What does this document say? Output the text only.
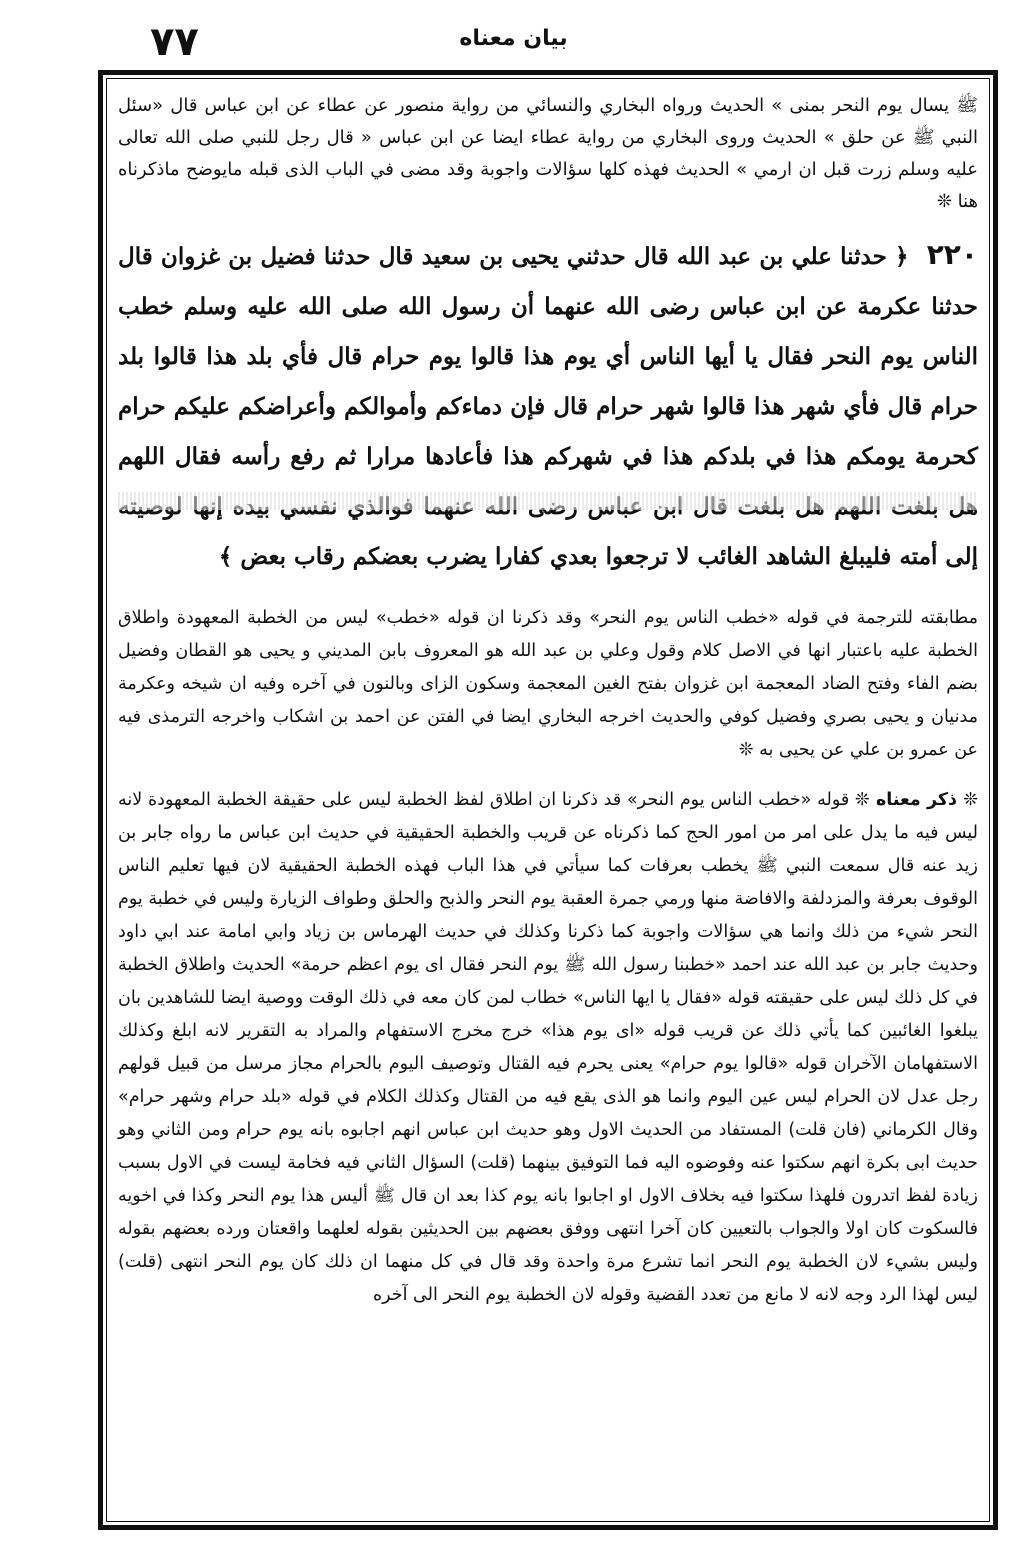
۷۷	بيان معناه

ﷺ يسال يوم النحر بمنى » الحديث ورواه البخاري والنسائي من رواية منصور عن عطاء عن ابن عباس قال «سئل النبي ﷺ عن حلق » الحديث وروى البخاري من رواية عطاء ايضا عن ابن عباس « قال رجل للنبي صلى الله تعالى عليه وسلم زرت قبل ان ارمي » الحديث فهذه كلها سؤالات واجوبة وقد مضى في الباب الذى قبله مايوضح ماذكرناه هنا ❊

٢٢٠ ﴿ حدثنا علي بن عبد الله قال حدثني يحيى بن سعيد قال حدثنا فضيل بن غزوان قال حدثنا عكرمة عن ابن عباس رضى الله عنهما أن رسول الله صلى الله عليه وسلم خطب الناس يوم النحر فقال يا أيها الناس أي يوم هذا قالوا يوم حرام قال فأي بلد هذا قالوا بلد حرام قال فأي شهر هذا قالوا شهر حرام قال فإن دماءكم وأموالكم وأعراضكم عليكم حرام كحرمة يومكم هذا في بلدكم هذا في شهركم هذا فأعادها مرارا ثم رفع رأسه فقال اللهم إلى أمته فليبلغ الشاهد الغائب لا ترجعوا بعدي كفارا يضرب بعضكم رقاب بعض ﴾

مطابقته للترجمة في قوله «خطب الناس يوم النحر» وقد ذكرنا ان قوله «خطب» ليس من الخطبة المعهودة واطلاق الخطبة عليه باعتبار انها في الاصل كلام وقول وعلي بن عبد الله هو المعروف بابن المديني و يحيى هو القطان وفضيل بضم الفاء وفتح الضاد المعجمة ابن غزوان بفتح الغين المعجمة وسكون الزاى وبالنون في آخره وفيه ان شيخه وعكرمة مدنيان و يحيى بصري وفضيل كوفي والحديث اخرجه البخاري ايضا في الفتن عن احمد بن اشكاب واخرجه الترمذى فيه عن عمرو بن علي عن يحيى به ❊

❊ ذكر معناه ❊ قوله «خطب الناس يوم النحر» قد ذكرنا ان اطلاق لفظ الخطبة ليس على حقيقة الخطبة المعهودة لانه ليس فيه ما يدل على امر من امور الحج كما ذكرناه عن قريب والخطبة الحقيقية في حديث ابن عباس ما رواه جابر بن زيد عنه قال سمعت النبي ﷺ يخطب بعرفات كما سيأتي في هذا الباب فهذه الخطبة الحقيقية لان فيها تعليم الناس الوقوف بعرفة والمزدلفة والافاضة منها ورمي جمرة العقبة يوم النحر والذبح والحلق وطواف الزيارة وليس في خطبة يوم النحر شيء من ذلك وانما هي سؤالات واجوبة كما ذكرنا وكذلك في حديث الهرماس بن زياد وابي امامة عند ابي داود وحديث جابر بن عبد الله عند احمد «خطبنا رسول الله ﷺ يوم النحر فقال اى يوم اعظم حرمة» الحديث واطلاق الخطبة في كل ذلك ليس على حقيقته قوله «فقال يا ايها الناس» خطاب لمن كان معه في ذلك الوقت ووصية ايضا للشاهدين بان يبلغوا الغائبين كما يأتي ذلك عن قريب قوله «اى يوم هذا» خرج مخرج الاستفهام والمراد به التقرير لانه ابلغ وكذلك الاستفهامان الآخران قوله «قالوا يوم حرام» يعنى يحرم فيه القتال وتوصيف اليوم بالحرام مجاز مرسل من قبيل قولهم رجل عدل لان الحرام ليس عين اليوم وانما هو الذى يقع فيه من القتال وكذلك الكلام في قوله «بلد حرام وشهر حرام» وقال الكرماني (فان قلت) المستفاد من الحديث الاول وهو حديث ابن عباس انهم اجابوه بانه يوم حرام ومن الثاني وهو حديث ابى بكرة انهم سكتوا عنه وفوضوه اليه فما التوفيق بينهما (قلت) السؤال الثاني فيه فخامة ليست في الاول بسبب زيادة لفظ اتدرون فلهذا سكتوا فيه بخلاف الاول او اجابوا بانه يوم كذا بعد ان قال ﷺ أليس هذا يوم النحر وكذا في اخويه فالسكوت كان اولا والجواب بالتعيين كان آخرا انتهى ووفق بعضهم بين الحديثين بقوله لعلهما واقعتان ورده بعضهم بقوله وليس بشيء لان الخطبة يوم النحر انما تشرع مرة واحدة وقد قال في كل منهما ان ذلك كان يوم النحر انتهى (قلت) ليس لهذا الرد وجه لانه لا مانع من تعدد القضية وقوله لان الخطبة يوم النحر الى آخره
